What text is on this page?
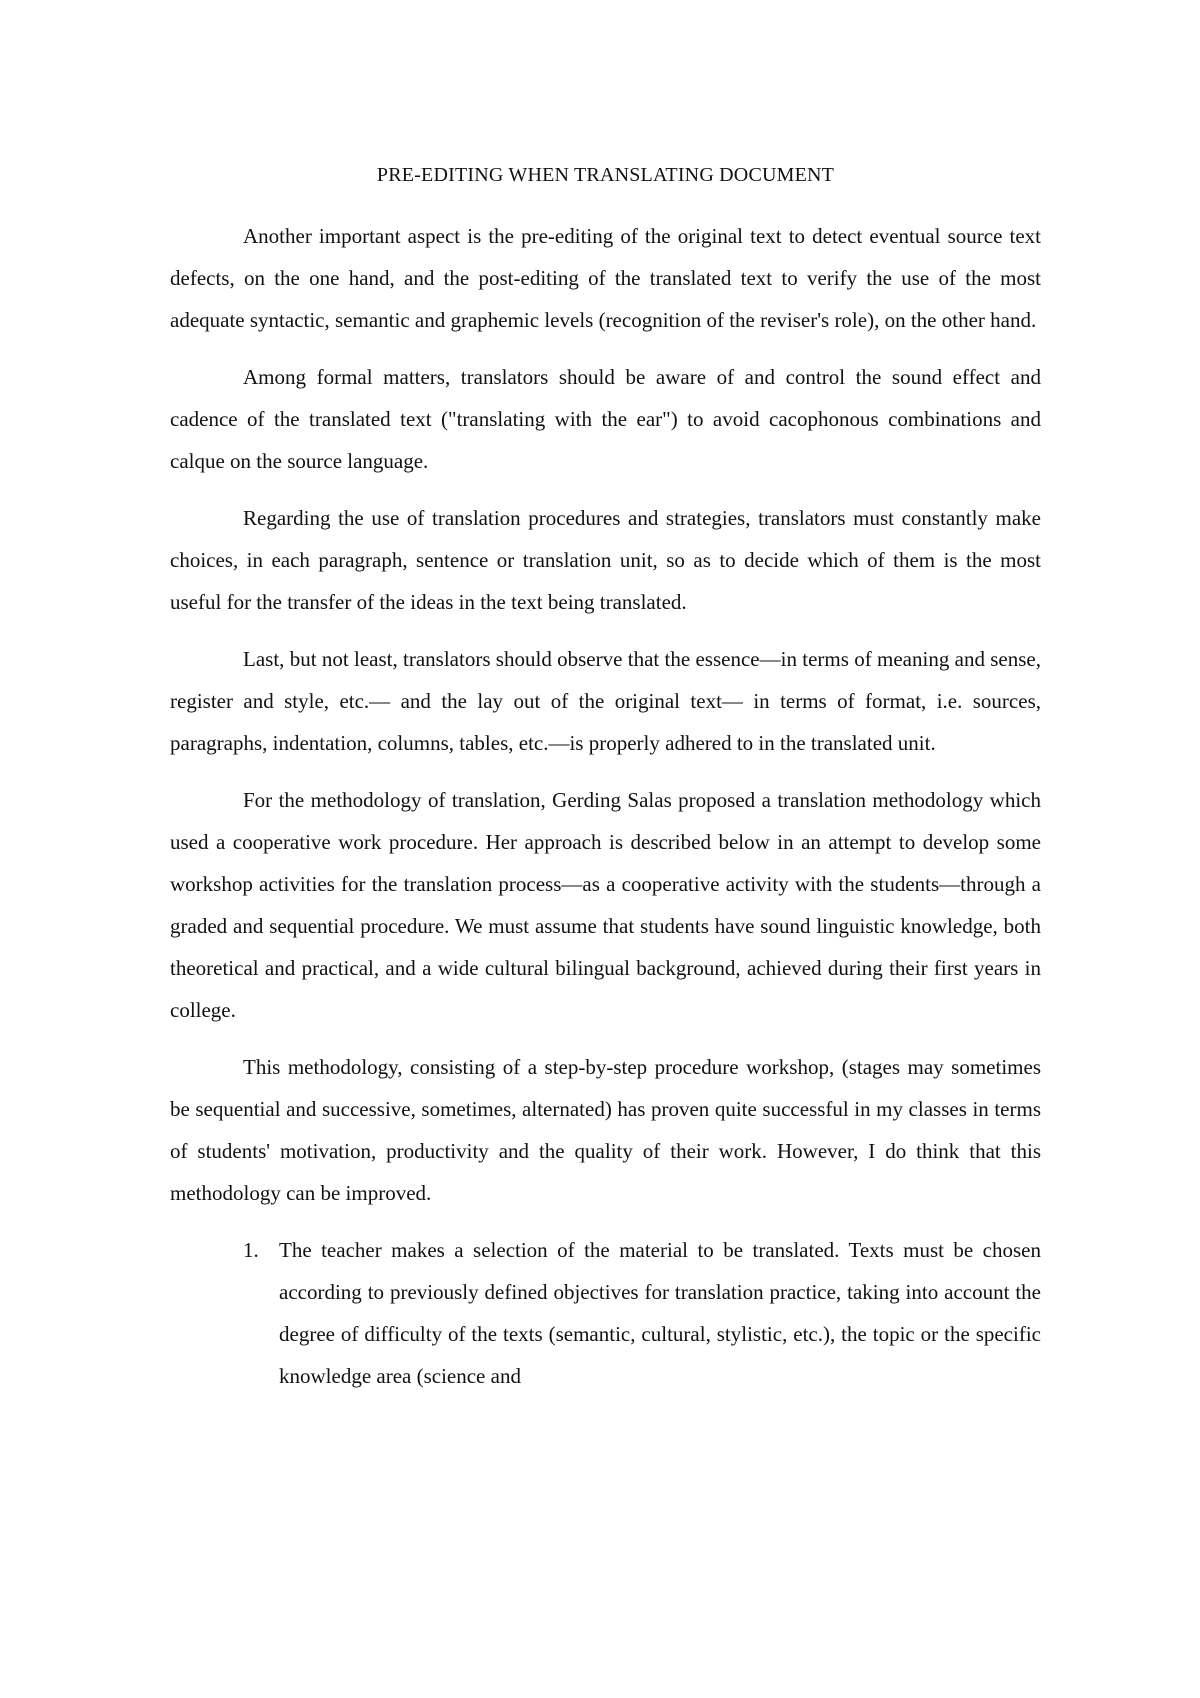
PRE-EDITING WHEN TRANSLATING DOCUMENT

Another important aspect is the pre-editing of the original text to detect eventual source text defects, on the one hand, and the post-editing of the translated text to verify the use of the most adequate syntactic, semantic and graphemic levels (recognition of the reviser's role), on the other hand.

Among formal matters, translators should be aware of and control the sound effect and cadence of the translated text ("translating with the ear") to avoid cacophonous combinations and calque on the source language.

Regarding the use of translation procedures and strategies, translators must constantly make choices, in each paragraph, sentence or translation unit, so as to decide which of them is the most useful for the transfer of the ideas in the text being translated.

Last, but not least, translators should observe that the essence—in terms of meaning and sense, register and style, etc.— and the lay out of the original text— in terms of format, i.e. sources, paragraphs, indentation, columns, tables, etc.—is properly adhered to in the translated unit.

For the methodology of translation, Gerding Salas proposed a translation methodology which used a cooperative work procedure. Her approach is described below in an attempt to develop some workshop activities for the translation process—as a cooperative activity with the students—through a graded and sequential procedure. We must assume that students have sound linguistic knowledge, both theoretical and practical, and a wide cultural bilingual background, achieved during their first years in college.

This methodology, consisting of a step-by-step procedure workshop, (stages may sometimes be sequential and successive, sometimes, alternated) has proven quite successful in my classes in terms of students' motivation, productivity and the quality of their work. However, I do think that this methodology can be improved.

1. The teacher makes a selection of the material to be translated. Texts must be chosen according to previously defined objectives for translation practice, taking into account the degree of difficulty of the texts (semantic, cultural, stylistic, etc.), the topic or the specific knowledge area (science and
